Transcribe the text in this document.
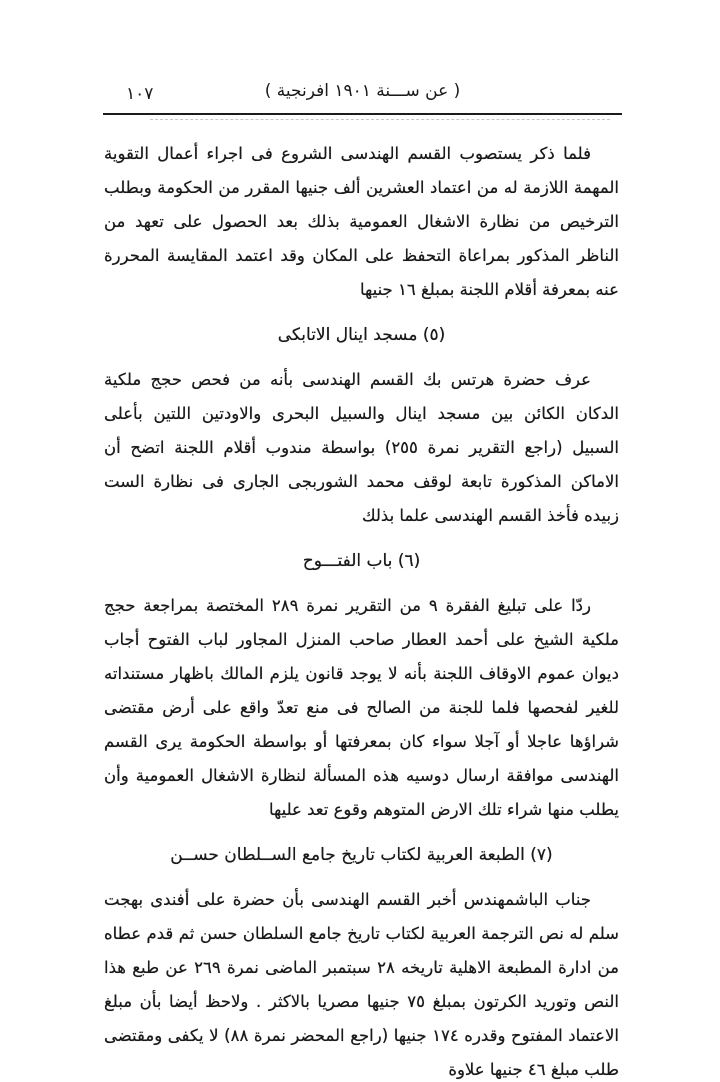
١٠٧	( عن ســـنة ١٩٠١ افرنجية )

فلما ذكر يستصوب القسم الهندسى الشروع فى اجراء أعمال التقوية المهمة اللازمة له من اعتماد العشرين ألف جنيها المقرر من الحكومة وبطلب الترخيص من نظارة الاشغال العمومية بذلك بعد الحصول على تعهد من الناظر المذكور بمراعاة التحفظ على المكان وقد اعتمد المقايسة المحررة عنه بمعرفة أقلام اللجنة بمبلغ ١٦ جنيها

(٥) مسجد اينال الاتابكى

عرف حضرة هرتس بك القسم الهندسى بأنه من فحص حجج ملكية الدكان الكائن بين مسجد اينال والسبيل البحرى والاودتين اللتين بأعلى السبيل (راجع التقرير نمرة ٢٥٥) بواسطة مندوب أقلام اللجنة اتضح أن الاماكن المذكورة تابعة لوقف محمد الشوربجى الجارى فى نظارة الست زبيده فأخذ القسم الهندسى علما بذلك

(٦) باب الفتـــوح

ردّا على تبليغ الفقرة ٩ من التقرير نمرة ٢٨٩ المختصة بمراجعة حجج ملكية الشيخ على أحمد العطار صاحب المنزل المجاور لباب الفتوح أجاب ديوان عموم الاوقاف اللجنة بأنه لا يوجد قانون يلزم المالك باظهار مستنداته للغير لفحصها فلما للجنة من الصالح فى منع تعدّ واقع على أرض مقتضى شراؤها عاجلا أو آجلا سواء كان بمعرفتها أو بواسطة الحكومة يرى القسم الهندسى موافقة ارسال دوسيه هذه المسألة لنظارة الاشغال العمومية وأن يطلب منها شراء تلك الارض المتوهم وقوع تعد عليها

(٧) الطبعة العربية لكتاب تاريخ جامع الســلطان حســن

جناب الباشمهندس أخبر القسم الهندسى بأن حضرة على أفندى بهجت سلم له نص الترجمة العربية لكتاب تاريخ جامع السلطان حسن ثم قدم عطاه من ادارة المطبعة الاهلية تاريخه ٢٨ سبتمبر الماضى نمرة ٢٦٩ عن طبع هذا النص وتوريد الكرتون بمبلغ ٧٥ جنيها مصريا بالاكثر . ولاحظ أيضا بأن مبلغ الاعتماد المفتوح وقدره ١٧٤ جنيها (راجع المحضر نمرة ٨٨) لا يكفى ومقتضى طلب مبلغ ٤٦ جنيها علاوة
